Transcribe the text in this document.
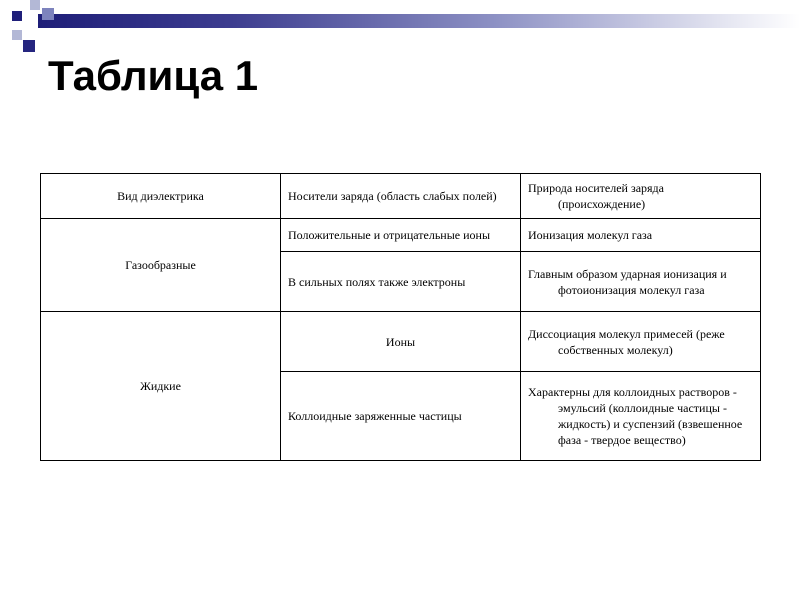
Таблица 1
Вид диэлектрика	Носители заряда (область слабых полей)	Природа носителей заряда (происхождение)

Газообразные	Положительные и отрицательные ионы	Ионизация молекул газа
	В сильных полях также электроны	Главным образом ударная ионизация и фотоионизация молекул газа

Жидкие	Ионы	Диссоциация молекул примесей (реже собственных молекул)

	Коллоидные заряженные частицы	Характерны для коллоидных растворов - эмульсий (коллоидные частицы - жидкость) и суспензий (взвешенное фаза - твердое вещество)
